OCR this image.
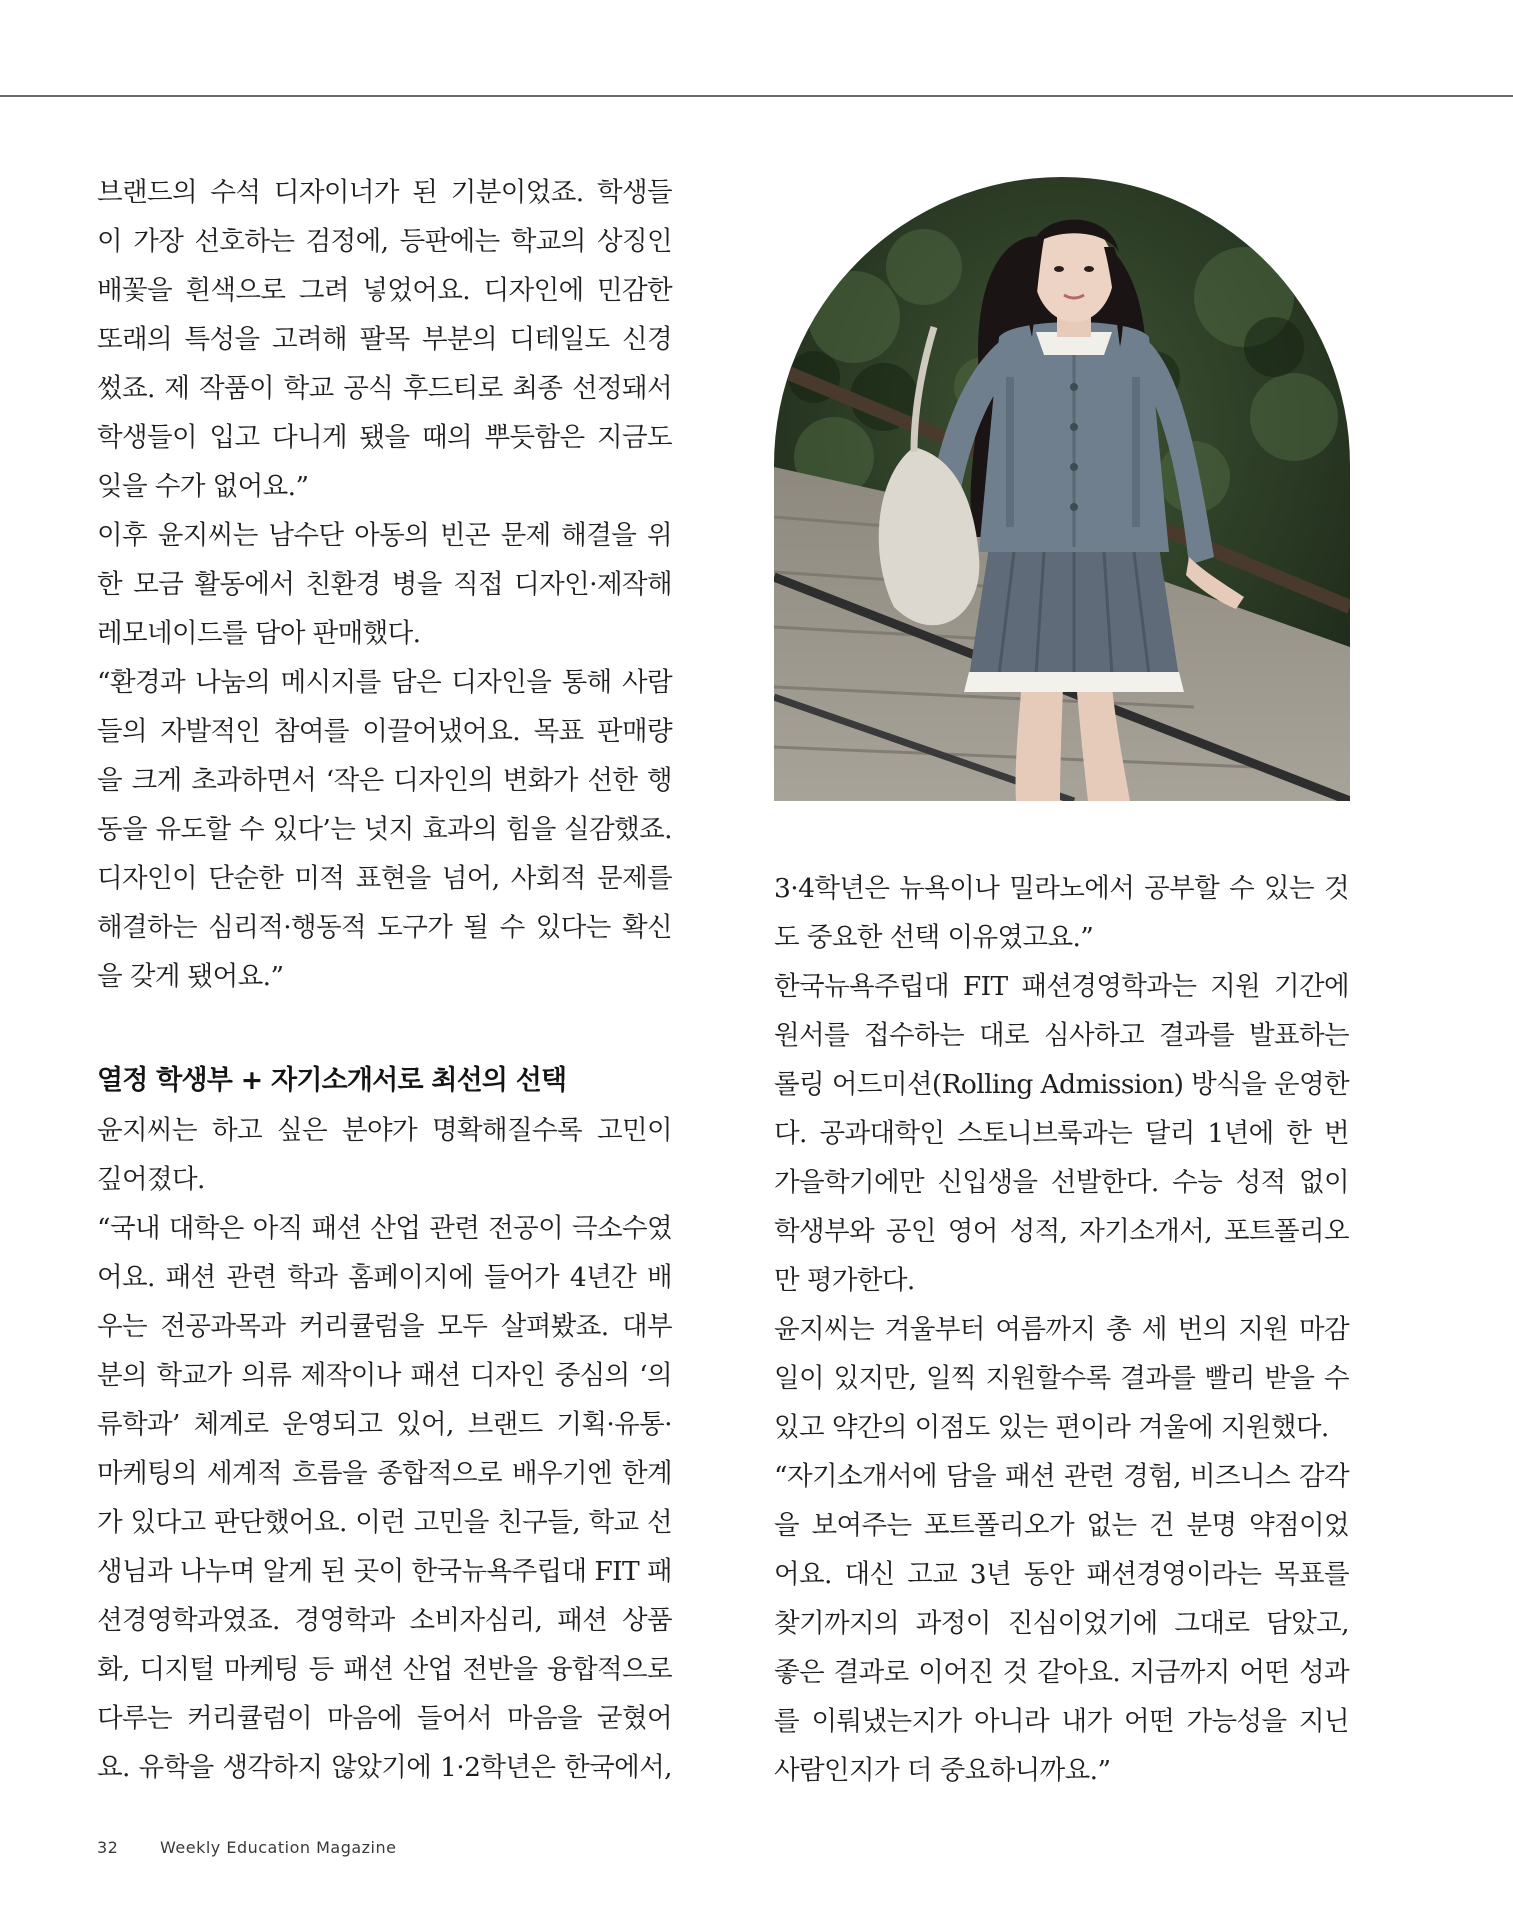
브랜드의 수석 디자이너가 된 기분이었죠. 학생들
이 가장 선호하는 검정에, 등판에는 학교의 상징인
배꽃을 흰색으로 그려 넣었어요. 디자인에 민감한
또래의 특성을 고려해 팔목 부분의 디테일도 신경
썼죠. 제 작품이 학교 공식 후드티로 최종 선정돼서
학생들이 입고 다니게 됐을 때의 뿌듯함은 지금도
잊을 수가 없어요.”
이후 윤지씨는 남수단 아동의 빈곤 문제 해결을 위
한 모금 활동에서 친환경 병을 직접 디자인·제작해
레모네이드를 담아 판매했다.
“환경과 나눔의 메시지를 담은 디자인을 통해 사람
들의 자발적인 참여를 이끌어냈어요. 목표 판매량
을 크게 초과하면서 ‘작은 디자인의 변화가 선한 행
동을 유도할 수 있다’는 넛지 효과의 힘을 실감했죠.
디자인이 단순한 미적 표현을 넘어, 사회적 문제를
해결하는 심리적·행동적 도구가 될 수 있다는 확신
을 갖게 됐어요.”
열정 학생부 + 자기소개서로 최선의 선택
윤지씨는 하고 싶은 분야가 명확해질수록 고민이
깊어졌다.
“국내 대학은 아직 패션 산업 관련 전공이 극소수였
어요. 패션 관련 학과 홈페이지에 들어가 4년간 배
우는 전공과목과 커리큘럼을 모두 살펴봤죠. 대부
분의 학교가 의류 제작이나 패션 디자인 중심의 ‘의
류학과’ 체계로 운영되고 있어, 브랜드 기획·유통·
마케팅의 세계적 흐름을 종합적으로 배우기엔 한계
가 있다고 판단했어요. 이런 고민을 친구들, 학교 선
생님과 나누며 알게 된 곳이 한국뉴욕주립대 FIT 패
션경영학과였죠. 경영학과 소비자심리, 패션 상품
화, 디지털 마케팅 등 패션 산업 전반을 융합적으로
다루는 커리큘럼이 마음에 들어서 마음을 굳혔어
요. 유학을 생각하지 않았기에 1·2학년은 한국에서,
3·4학년은 뉴욕이나 밀라노에서 공부할 수 있는 것
도 중요한 선택 이유였고요.”
한국뉴욕주립대 FIT 패션경영학과는 지원 기간에
원서를 접수하는 대로 심사하고 결과를 발표하는
롤링 어드미션(Rolling Admission) 방식을 운영한
다. 공과대학인 스토니브룩과는 달리 1년에 한 번
가을학기에만 신입생을 선발한다. 수능 성적 없이
학생부와 공인 영어 성적, 자기소개서, 포트폴리오
만 평가한다.
윤지씨는 겨울부터 여름까지 총 세 번의 지원 마감
일이 있지만, 일찍 지원할수록 결과를 빨리 받을 수
있고 약간의 이점도 있는 편이라 겨울에 지원했다.
“자기소개서에 담을 패션 관련 경험, 비즈니스 감각
을 보여주는 포트폴리오가 없는 건 분명 약점이었
어요. 대신 고교 3년 동안 패션경영이라는 목표를
찾기까지의 과정이 진심이었기에 그대로 담았고,
좋은 결과로 이어진 것 같아요. 지금까지 어떤 성과
를 이뤄냈는지가 아니라 내가 어떤 가능성을 지닌
사람인지가 더 중요하니까요.”
32	Weekly Education Magazine
